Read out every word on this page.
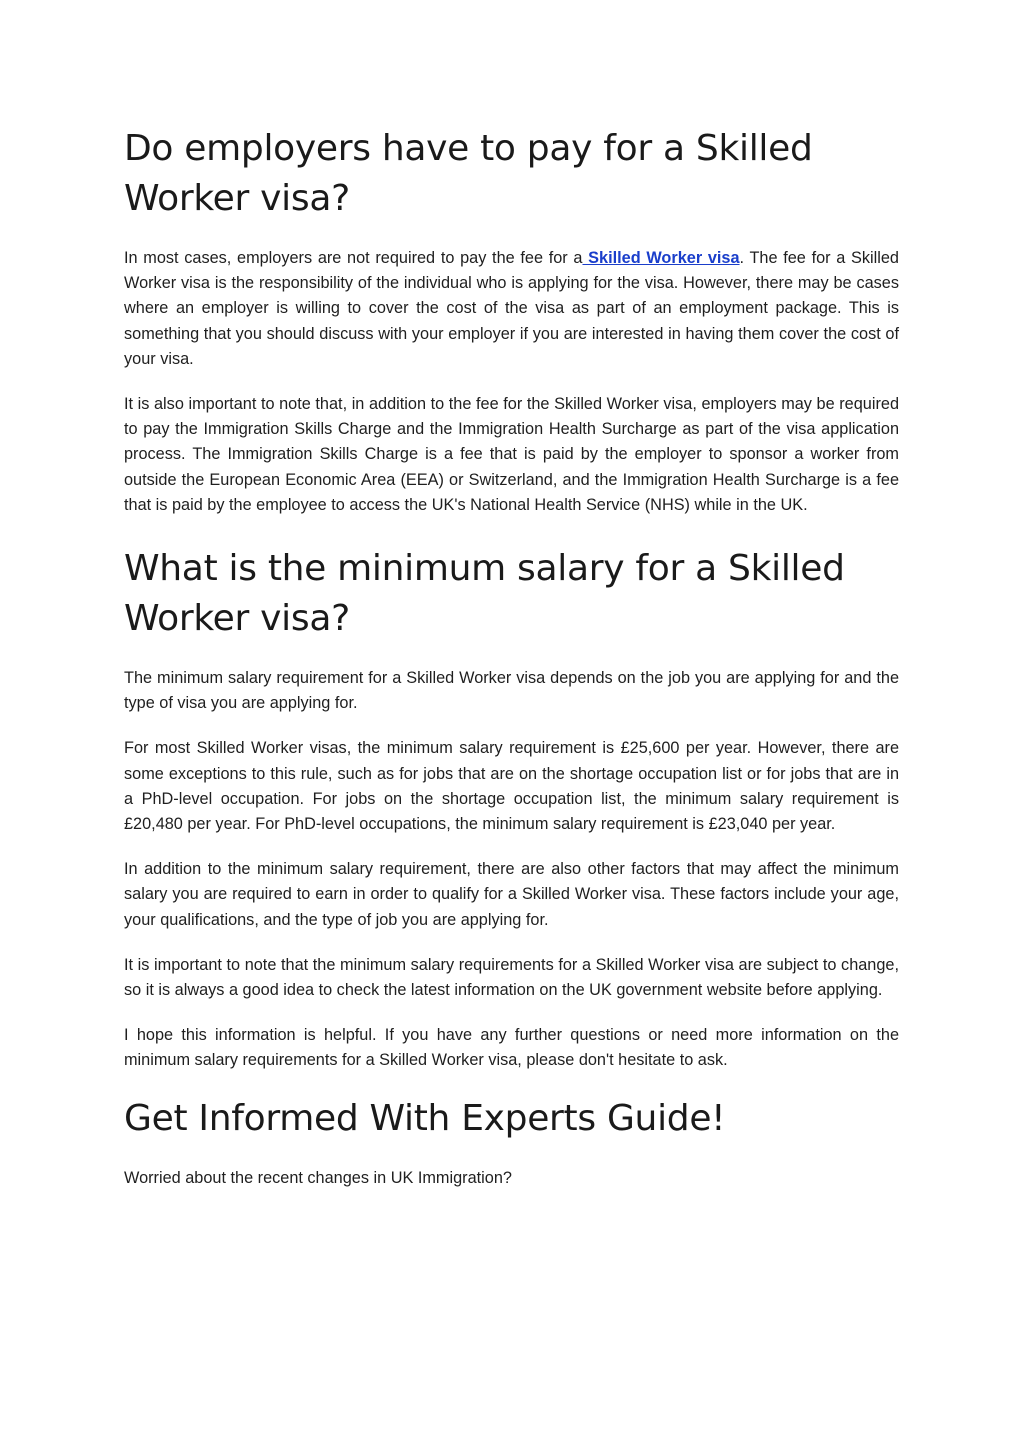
Do employers have to pay for a Skilled Worker visa?

In most cases, employers are not required to pay the fee for a Skilled Worker visa. The fee for a Skilled Worker visa is the responsibility of the individual who is applying for the visa. However, there may be cases where an employer is willing to cover the cost of the visa as part of an employment package. This is something that you should discuss with your employer if you are interested in having them cover the cost of your visa.

It is also important to note that, in addition to the fee for the Skilled Worker visa, employers may be required to pay the Immigration Skills Charge and the Immigration Health Surcharge as part of the visa application process. The Immigration Skills Charge is a fee that is paid by the employer to sponsor a worker from outside the European Economic Area (EEA) or Switzerland, and the Immigration Health Surcharge is a fee that is paid by the employee to access the UK's National Health Service (NHS) while in the UK.

What is the minimum salary for a Skilled Worker visa?

The minimum salary requirement for a Skilled Worker visa depends on the job you are applying for and the type of visa you are applying for.

For most Skilled Worker visas, the minimum salary requirement is £25,600 per year. However, there are some exceptions to this rule, such as for jobs that are on the shortage occupation list or for jobs that are in a PhD-level occupation. For jobs on the shortage occupation list, the minimum salary requirement is £20,480 per year. For PhD-level occupations, the minimum salary requirement is £23,040 per year.

In addition to the minimum salary requirement, there are also other factors that may affect the minimum salary you are required to earn in order to qualify for a Skilled Worker visa. These factors include your age, your qualifications, and the type of job you are applying for.

It is important to note that the minimum salary requirements for a Skilled Worker visa are subject to change, so it is always a good idea to check the latest information on the UK government website before applying.

I hope this information is helpful. If you have any further questions or need more information on the minimum salary requirements for a Skilled Worker visa, please don't hesitate to ask.

Get Informed With Experts Guide!

Worried about the recent changes in UK Immigration?
